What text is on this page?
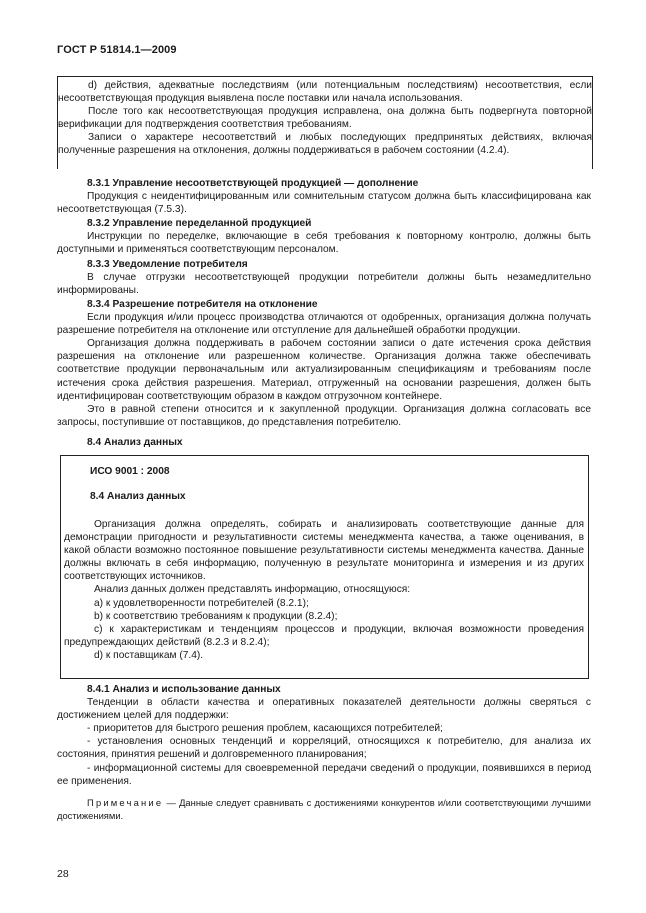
ГОСТ Р 51814.1—2009

d) действия, адекватные последствиям (или потенциальным последствиям) несоответствия, если несоответствующая продукция выявлена после поставки или начала использования.

После того как несоответствующая продукция исправлена, она должна быть подвергнута повторной верификации для подтверждения соответствия требованиям.

Записи о характере несоответствий и любых последующих предпринятых действиях, включая полученные разрешения на отклонения, должны поддерживаться в рабочем состоянии (4.2.4).

8.3.1 Управление несоответствующей продукцией — дополнение

Продукция с неидентифицированным или сомнительным статусом должна быть классифицирована как несоответствующая (7.5.3).

8.3.2 Управление переделанной продукцией

Инструкции по переделке, включающие в себя требования к повторному контролю, должны быть доступными и применяться соответствующим персоналом.

8.3.3 Уведомление потребителя

В случае отгрузки несоответствующей продукции потребители должны быть незамедлительно информированы.

8.3.4 Разрешение потребителя на отклонение

Если продукция и/или процесс производства отличаются от одобренных, организация должна получать разрешение потребителя на отклонение или отступление для дальнейшей обработки продукции.

Организация должна поддерживать в рабочем состоянии записи о дате истечения срока действия разрешения на отклонение или разрешенном количестве. Организация должна также обеспечивать соответствие продукции первоначальным или актуализированным спецификациям и требованиям после истечения срока действия разрешения. Материал, отгруженный на основании разрешения, должен быть идентифицирован соответствующим образом в каждом отгрузочном контейнере.

Это в равной степени относится и к закупленной продукции. Организация должна согласовать все запросы, поступившие от поставщиков, до представления потребителю.

8.4 Анализ данных

ИСО 9001 : 2008
8.4 Анализ данных

Организация должна определять, собирать и анализировать соответствующие данные для демонстрации пригодности и результативности системы менеджмента качества, а также оценивания, в какой области возможно постоянное повышение результативности системы менеджмента качества. Данные должны включать в себя информацию, полученную в результате мониторинга и измерения и из других соответствующих источников.

Анализ данных должен представлять информацию, относящуюся:

a) к удовлетворенности потребителей (8.2.1);

b) к соответствию требованиям к продукции (8.2.4);

c) к характеристикам и тенденциям процессов и продукции, включая возможности проведения предупреждающих действий (8.2.3 и 8.2.4);

d) к поставщикам (7.4).

8.4.1 Анализ и использование данных

Тенденции в области качества и оперативных показателей деятельности должны сверяться с достижением целей для поддержки:

- приоритетов для быстрого решения проблем, касающихся потребителей;

- установления основных тенденций и корреляций, относящихся к потребителю, для анализа их состояния, принятия решений и долговременного планирования;

- информационной системы для своевременной передачи сведений о продукции, появившихся в период ее применения.

Примечание — Данные следует сравнивать с достижениями конкурентов и/или соответствующими лучшими достижениями.

28
